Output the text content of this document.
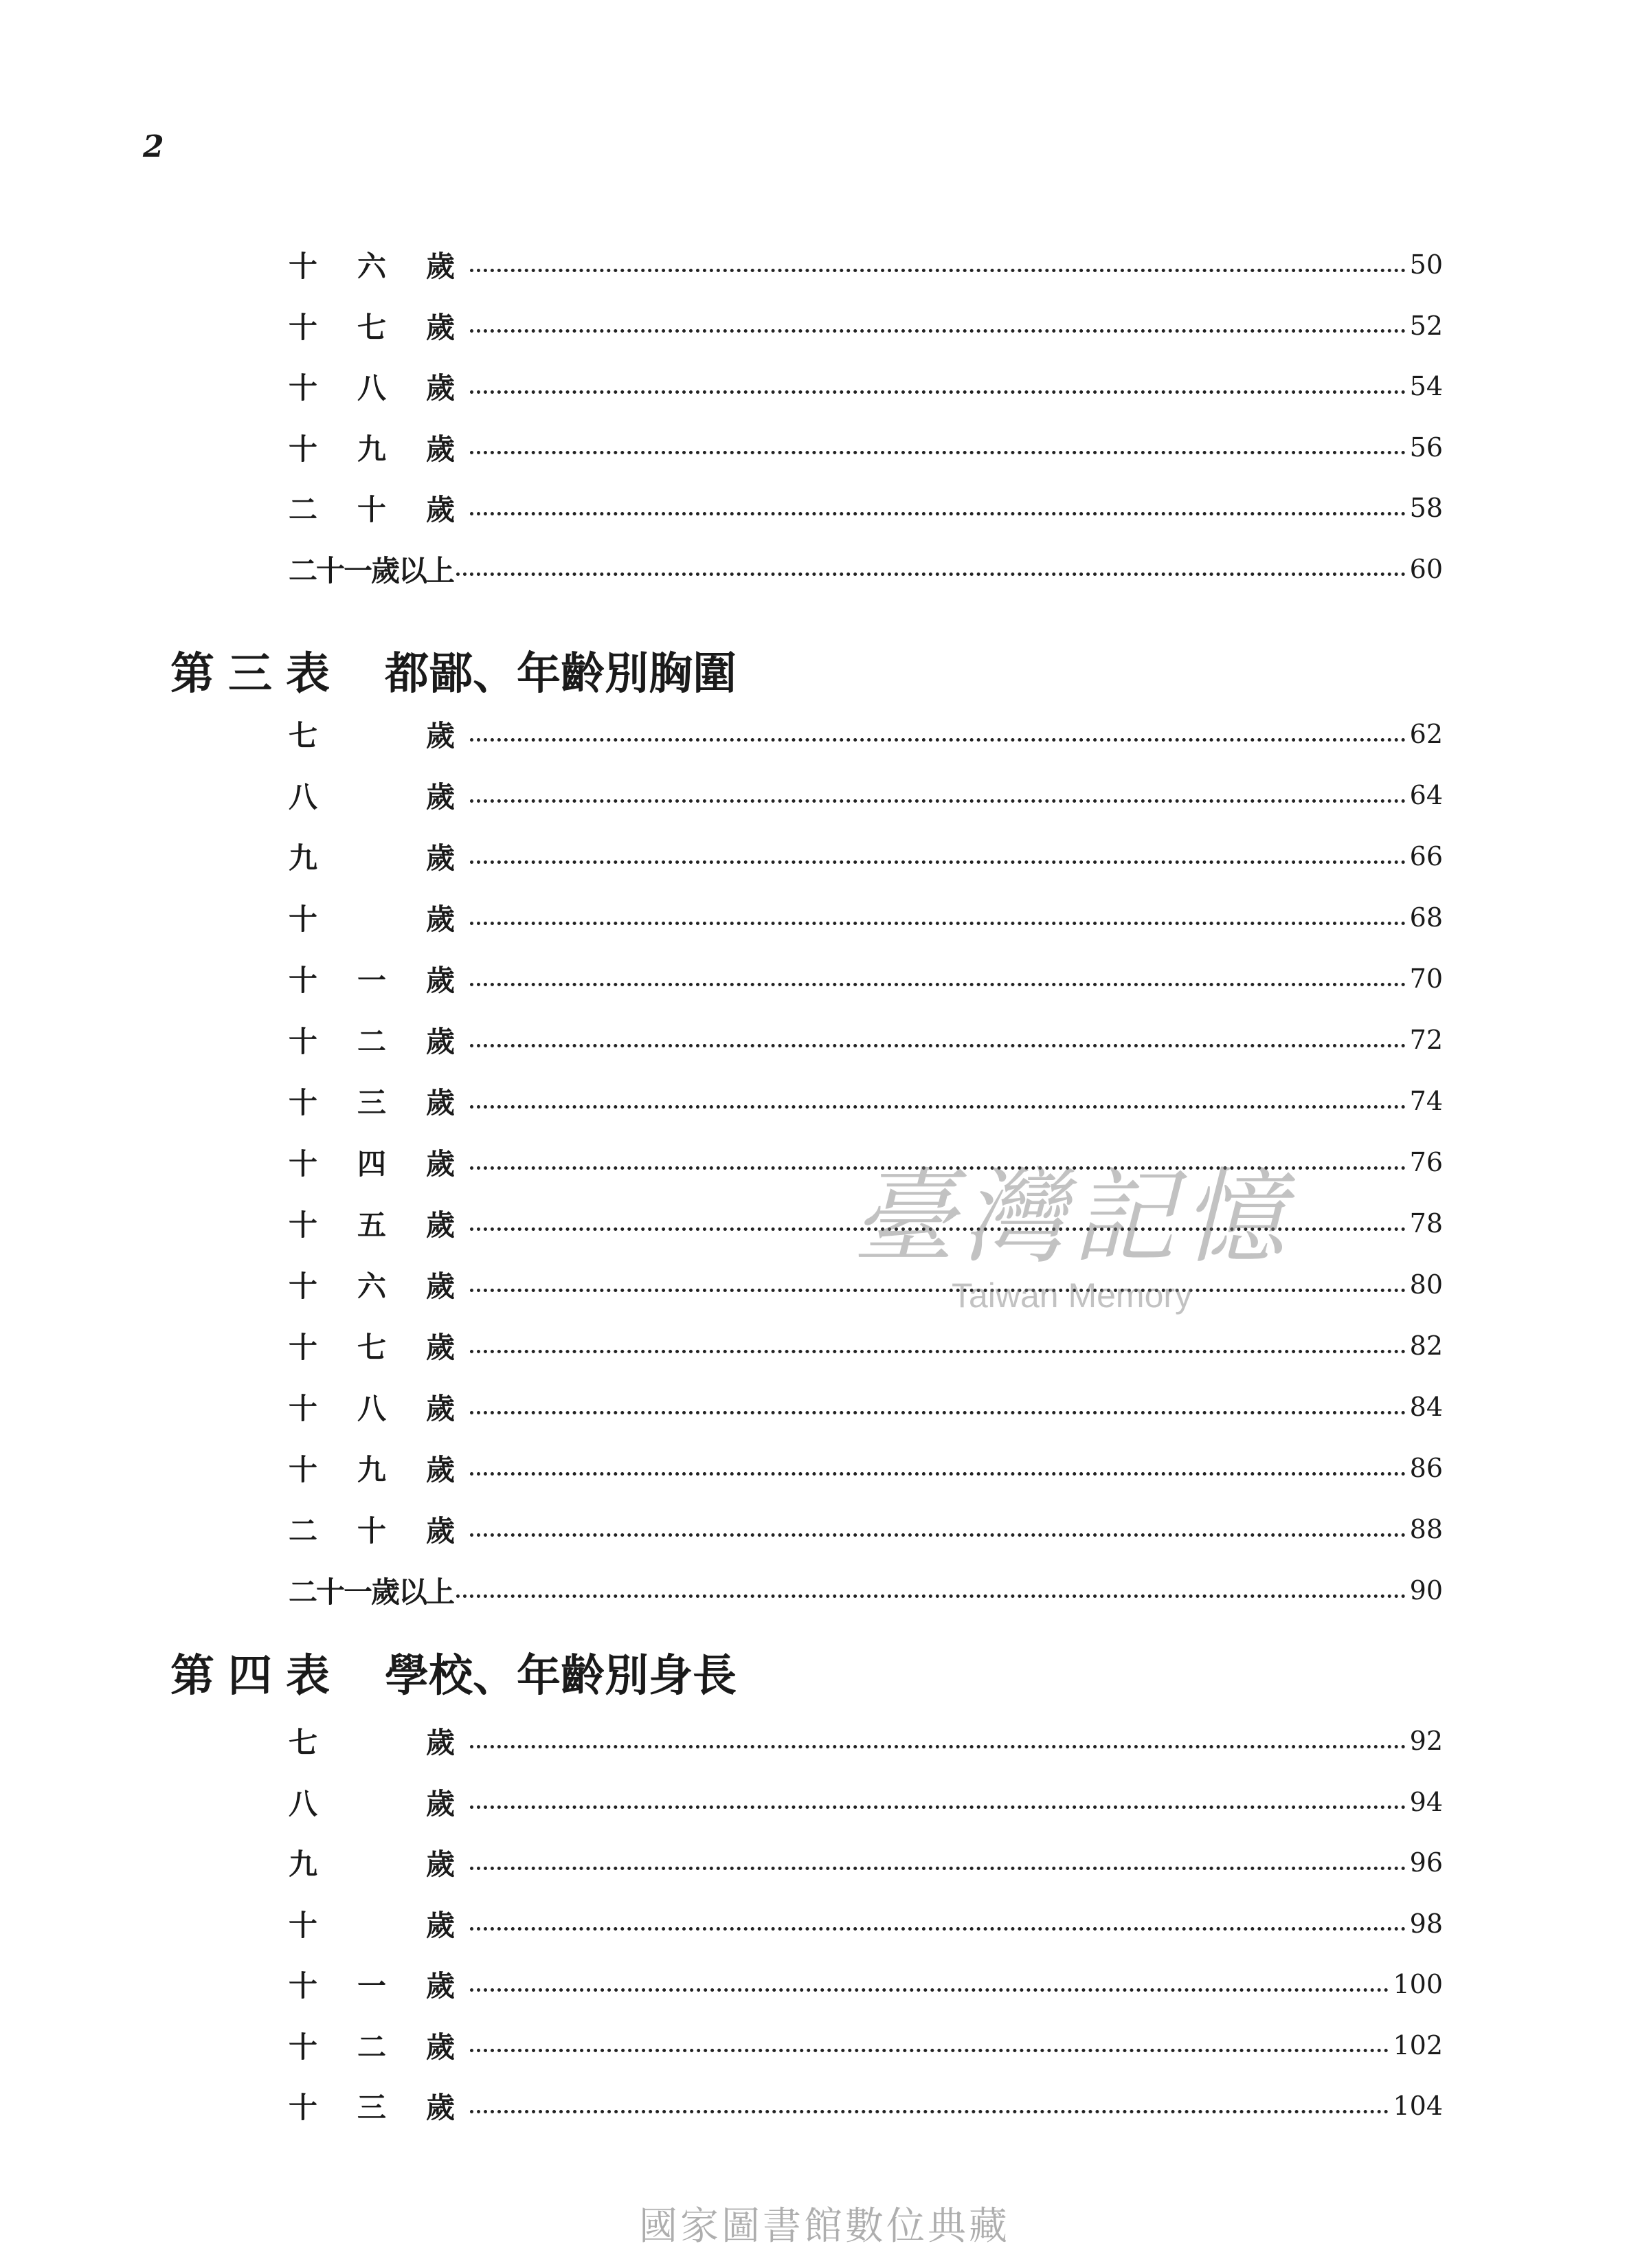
2
十	六	歲	50
十	七	歲	52
十	八	歲	54
十	九	歲	56
二	十	歲	58
二十一歲以上	60
第三表 都鄙、年齡別胸圍
七	歲	62
八	歲	64
九	歲	66
十	歲	68
十	一	歲	70
十	二	歲	72
十	三	歲	74
十	四	歲	76
十	五	歲	78
十	六	歲	80
十	七	歲	82
十	八	歲	84
十	九	歲	86
二	十	歲	88
二十一歲以上	90
第四表 學校、年齡別身長
七	歲	92
八	歲	94
九	歲	96
十	歲	98
十	一	歲	100
十	二	歲	102
十	三	歲	104
臺灣記憶
Taiwan Memory
國家圖書館數位典藏
